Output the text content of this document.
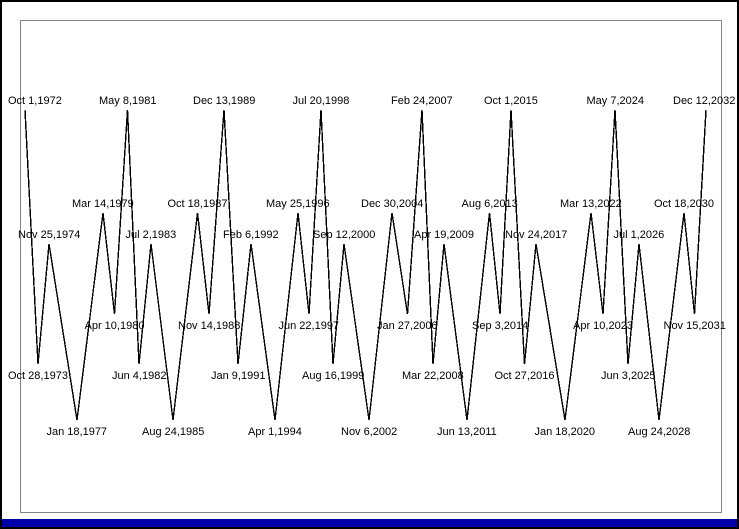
Oct 1,1972
Oct 28,1973
Nov 25,1974
Jan 18,1977
Mar 14,1979
Apr 10,1980
May 8,1981
Jun 4,1982
Jul 2,1983
Aug 24,1985
Oct 18,1987
Nov 14,1988
Dec 13,1989
Jan 9,1991
Feb 6,1992
Apr 1,1994
May 25,1996
Jun 22,1997
Jul 20,1998
Aug 16,1999
Sep 12,2000
Nov 6,2002
Dec 30,2004
Jan 27,2006
Feb 24,2007
Mar 22,2008
Apr 19,2009
Jun 13,2011
Aug 6,2013
Sep 3,2014
Oct 1,2015
Oct 27,2016
Nov 24,2017
Jan 18,2020
Mar 13,2022
Apr 10,2023
May 7,2024
Jun 3,2025
Jul 1,2026
Aug 24,2028
Oct 18,2030
Nov 15,2031
Dec 12,2032
